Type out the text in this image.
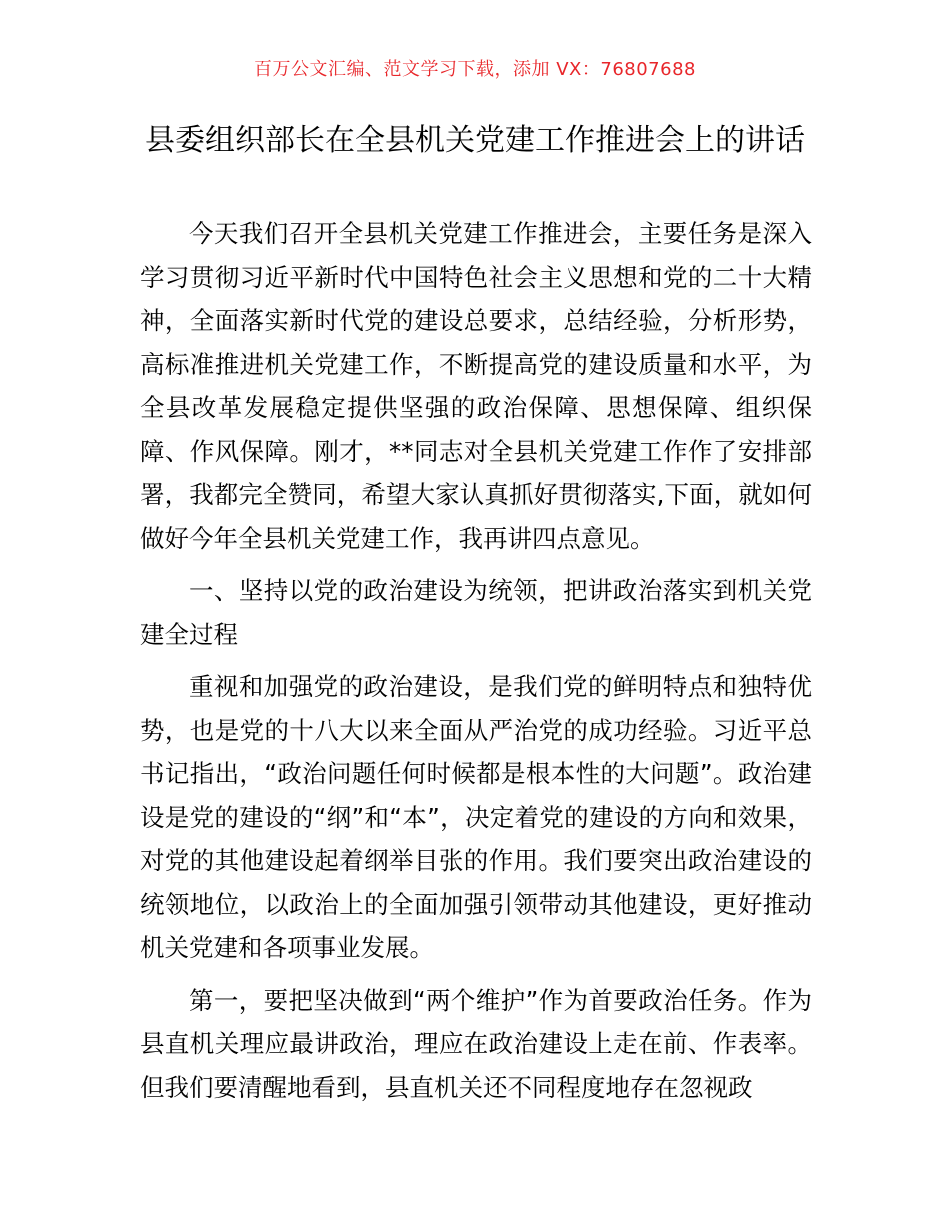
百万公文汇编、范文学习下载，添加 VX：76807688
县委组织部长在全县机关党建工作推进会上的讲话

今天我们召开全县机关党建工作推进会，主要任务是深入学习贯彻习近平新时代中国特色社会主义思想和党的二十大精神，全面落实新时代党的建设总要求，总结经验，分析形势，高标准推进机关党建工作，不断提高党的建设质量和水平，为全县改革发展稳定提供坚强的政治保障、思想保障、组织保障、作风保障。刚才，**同志对全县机关党建工作作了安排部署，我都完全赞同，希望大家认真抓好贯彻落实,下面，就如何做好今年全县机关党建工作，我再讲四点意见。

一、坚持以党的政治建设为统领，把讲政治落实到机关党建全过程

重视和加强党的政治建设，是我们党的鲜明特点和独特优势，也是党的十八大以来全面从严治党的成功经验。习近平总书记指出，“政治问题任何时候都是根本性的大问题”。政治建设是党的建设的“纲”和“本”，决定着党的建设的方向和效果，对党的其他建设起着纲举目张的作用。我们要突出政治建设的统领地位，以政治上的全面加强引领带动其他建设，更好推动机关党建和各项事业发展。

第一，要把坚决做到“两个维护”作为首要政治任务。作为县直机关理应最讲政治，理应在政治建设上走在前、作表率。但我们要清醒地看到，县直机关还不同程度地存在忽视政
